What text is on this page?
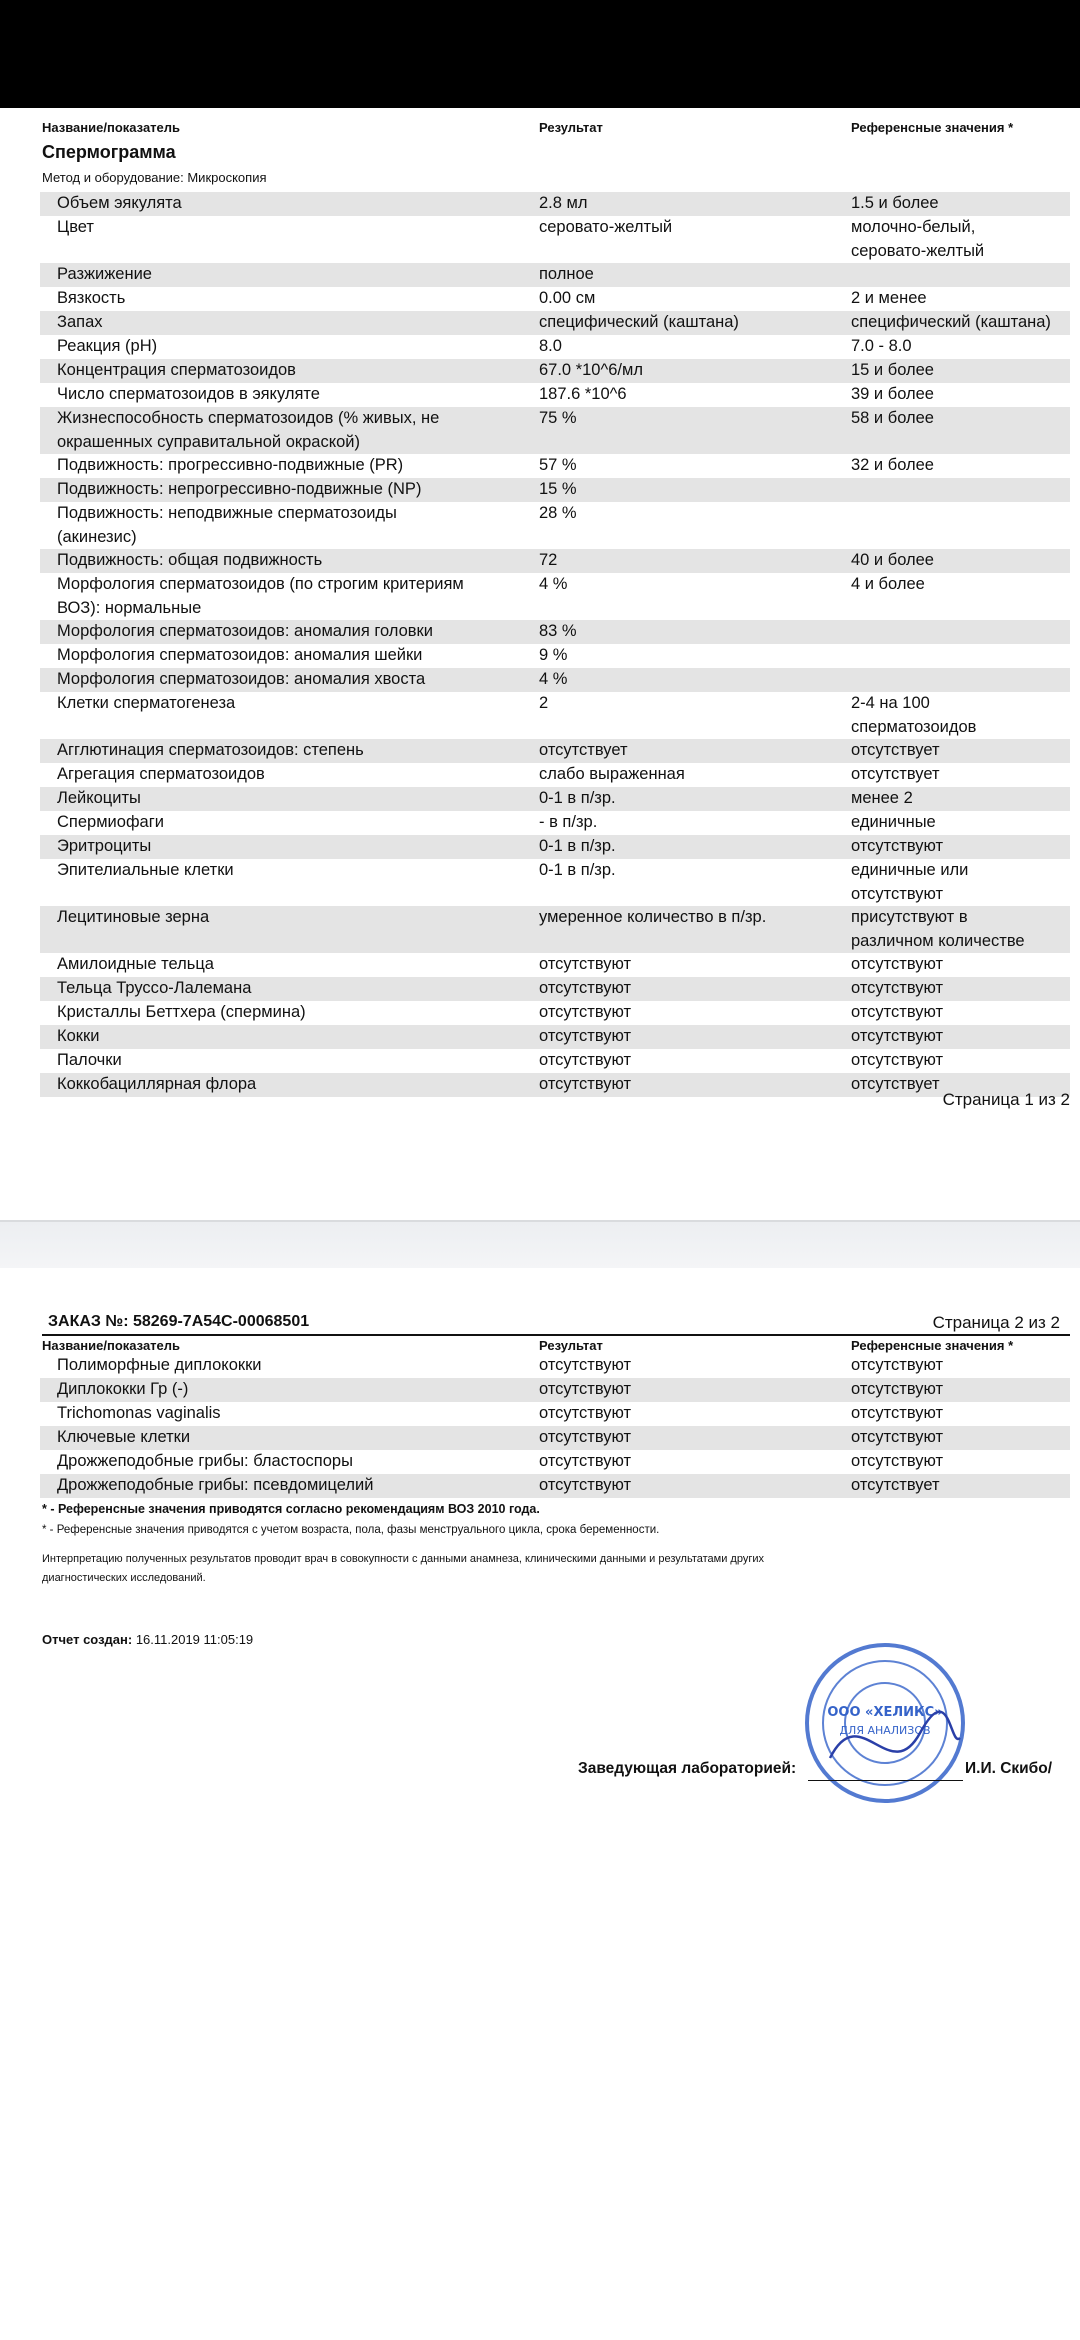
Название/показатель	Результат	Референсные значения *
Спермограмма
Метод и оборудование: Микроскопия
Объем эякулята	2.8 мл	1.5 и более
Цвет	серовато-желтый	молочно-белый,
серовато-желтый
Разжижение	полное
Вязкость	0.00 см	2 и менее
Запах	специфический (каштана)	специфический (каштана)
Реакция (pH)	8.0	7.0 - 8.0
Концентрация сперматозоидов	67.0 *10^6/мл	15 и более
Число сперматозоидов в эякуляте	187.6 *10^6	39 и более
Жизнеспособность сперматозоидов (% живых, не
окрашенных суправитальной окраской)
75 %	58 и более
Подвижность: прогрессивно-подвижные (PR)	57 %	32 и более
Подвижность: непрогрессивно-подвижные (NP)	15 %
Подвижность: неподвижные сперматозоиды
(акинезис)
28 %
Подвижность: общая подвижность	72	40 и более
Морфология сперматозоидов (по строгим критериям
ВОЗ): нормальные
4 %	4 и более
Морфология сперматозоидов: аномалия головки	83 %
Морфология сперматозоидов: аномалия шейки	9 %
Морфология сперматозоидов: аномалия хвоста	4 %
Клетки сперматогенеза	2	2-4 на 100
сперматозоидов
Агглютинация сперматозоидов: степень	отсутствует	отсутствует
Агрегация сперматозоидов	слабо выраженная	отсутствует
Лейкоциты	0-1 в п/зр.	менее 2
Спермиофаги	- в п/зр.	единичные
Эритроциты	0-1 в п/зр.	отсутствуют
Эпителиальные клетки	0-1 в п/зр.	единичные или
отсутствуют
Лецитиновые зерна	умеренное количество в п/зр.	присутствуют в
различном количестве
Амилоидные тельца	отсутствуют	отсутствуют
Тельца Труссо-Лалемана	отсутствуют	отсутствуют
Кристаллы Беттхера (спермина)	отсутствуют	отсутствуют
Кокки	отсутствуют	отсутствуют
Палочки	отсутствуют	отсутствуют
Коккобациллярная флора	отсутствуют	отсутствует
Страница 1 из 2
ЗАКАЗ №: 58269-7A54C-00068501	Страница 2 из 2
Название/показатель	Результат	Референсные значения *
Полиморфные диплококки	отсутствуют	отсутствуют
Диплококки Гр (-)	отсутствуют	отсутствуют
Trichomonas vaginalis	отсутствуют	отсутствуют
Ключевые клетки	отсутствуют	отсутствуют
Дрожжеподобные грибы: бластоспоры	отсутствуют	отсутствуют
Дрожжеподобные грибы: псевдомицелий	отсутствуют	отсутствует
* - Референсные значения приводятся согласно рекомендациям ВОЗ 2010 года.
* - Референсные значения приводятся с учетом возраста, пола, фазы менструального цикла, срока беременности.
Интерпретацию полученных результатов проводит врач в совокупности с данными анамнеза, клиническими данными и результатами других диагностических исследований.
Отчет создан: 16.11.2019 11:05:19
ООО «ХЕЛИКС»
ДЛЯ АНАЛИЗОВ
Заведующая лабораторией:	И.И. Скибо/
